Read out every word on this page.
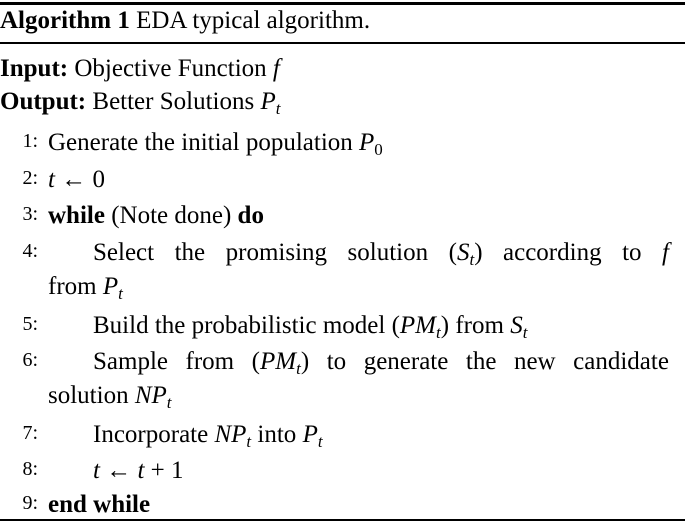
Algorithm 1 EDA typical algorithm.
Input: Objective Function f
Output: Better Solutions $P_t$
1: Generate the initial population $P_0$
2: t ← 0
3: while (Note done) do
4: Select the promising solution $(S_t)$ according to f
from $P_t$
5: Build the probabilistic model $(PM_t)$ from $S_t$
6: Sample from $(PM_t)$ to generate the new candidate
solution $NP_t$
7: Incorporate $NP_t$ into $P_t$
8: t ← t + 1
9: end while
